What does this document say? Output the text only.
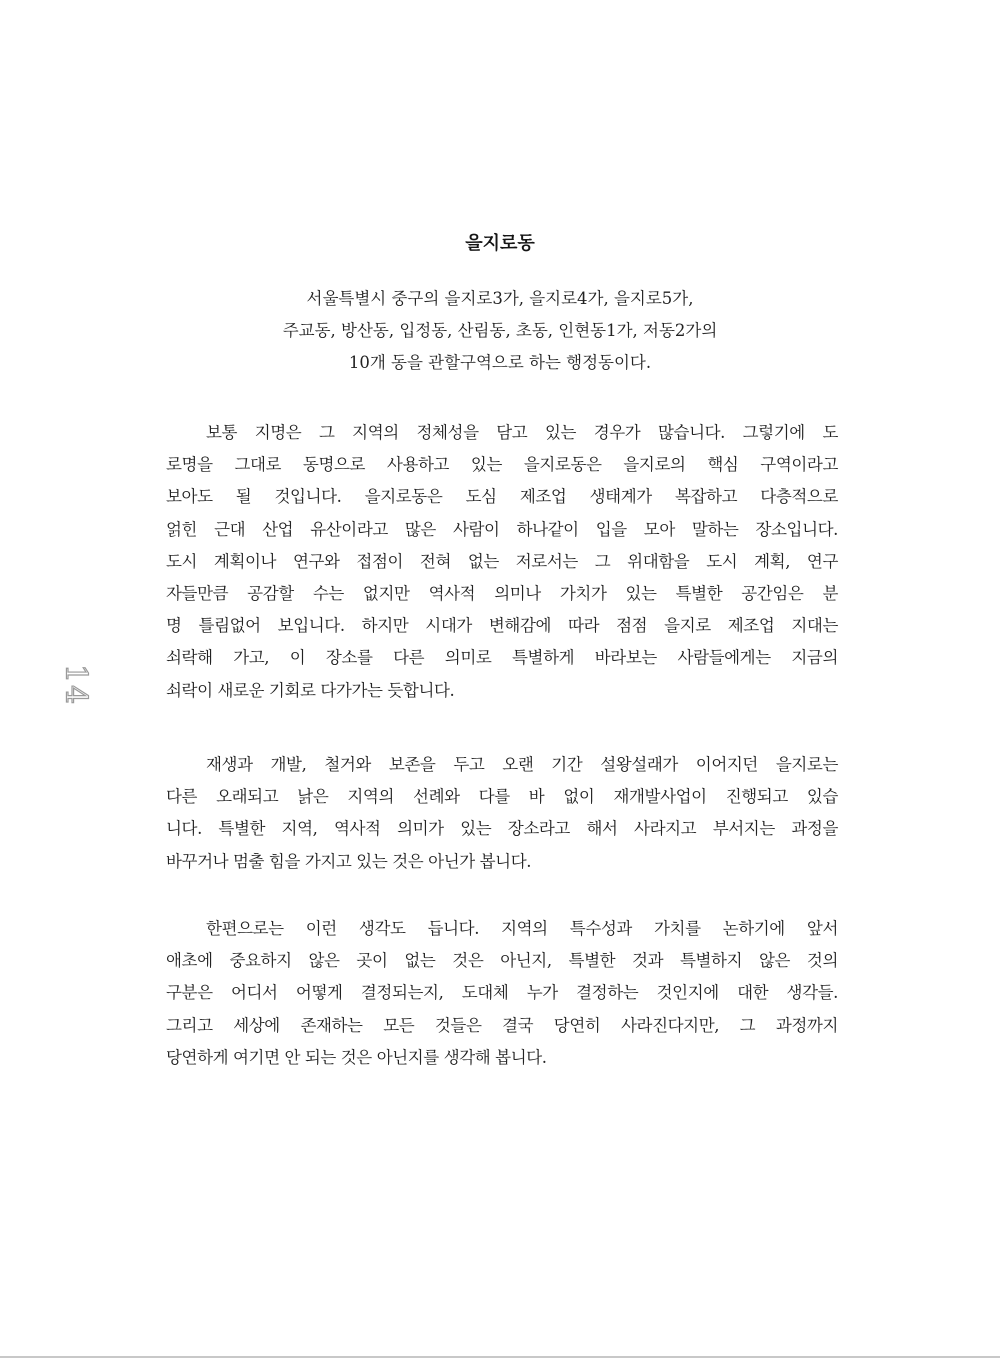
을지로동
서울특별시 중구의 을지로3가, 을지로4가, 을지로5가,
주교동, 방산동, 입정동, 산림동, 초동, 인현동1가, 저동2가의
10개 동을 관할구역으로 하는 행정동이다.
보통 지명은 그 지역의 정체성을 담고 있는 경우가 많습니다. 그렇기에 도
로명을 그대로 동명으로 사용하고 있는 을지로동은 을지로의 핵심 구역이라고
보아도 될 것입니다. 을지로동은 도심 제조업 생태계가 복잡하고 다층적으로
얽힌 근대 산업 유산이라고 많은 사람이 하나같이 입을 모아 말하는 장소입니다.
도시 계획이나 연구와 접점이 전혀 없는 저로서는 그 위대함을 도시 계획, 연구
자들만큼 공감할 수는 없지만 역사적 의미나 가치가 있는 특별한 공간임은 분
명 틀림없어 보입니다. 하지만 시대가 변해감에 따라 점점 을지로 제조업 지대는
쇠락해 가고, 이 장소를 다른 의미로 특별하게 바라보는 사람들에게는 지금의
쇠락이 새로운 기회로 다가가는 듯합니다.
재생과 개발, 철거와 보존을 두고 오랜 기간 설왕설래가 이어지던 을지로는
다른 오래되고 낡은 지역의 선례와 다를 바 없이 재개발사업이 진행되고 있습
니다. 특별한 지역, 역사적 의미가 있는 장소라고 해서 사라지고 부서지는 과정을
바꾸거나 멈출 힘을 가지고 있는 것은 아닌가 봅니다.
한편으로는 이런 생각도 듭니다. 지역의 특수성과 가치를 논하기에 앞서
애초에 중요하지 않은 곳이 없는 것은 아닌지, 특별한 것과 특별하지 않은 것의
구분은 어디서 어떻게 결정되는지, 도대체 누가 결정하는 것인지에 대한 생각들.
그리고 세상에 존재하는 모든 것들은 결국 당연히 사라진다지만, 그 과정까지
당연하게 여기면 안 되는 것은 아닌지를 생각해 봅니다.
14
